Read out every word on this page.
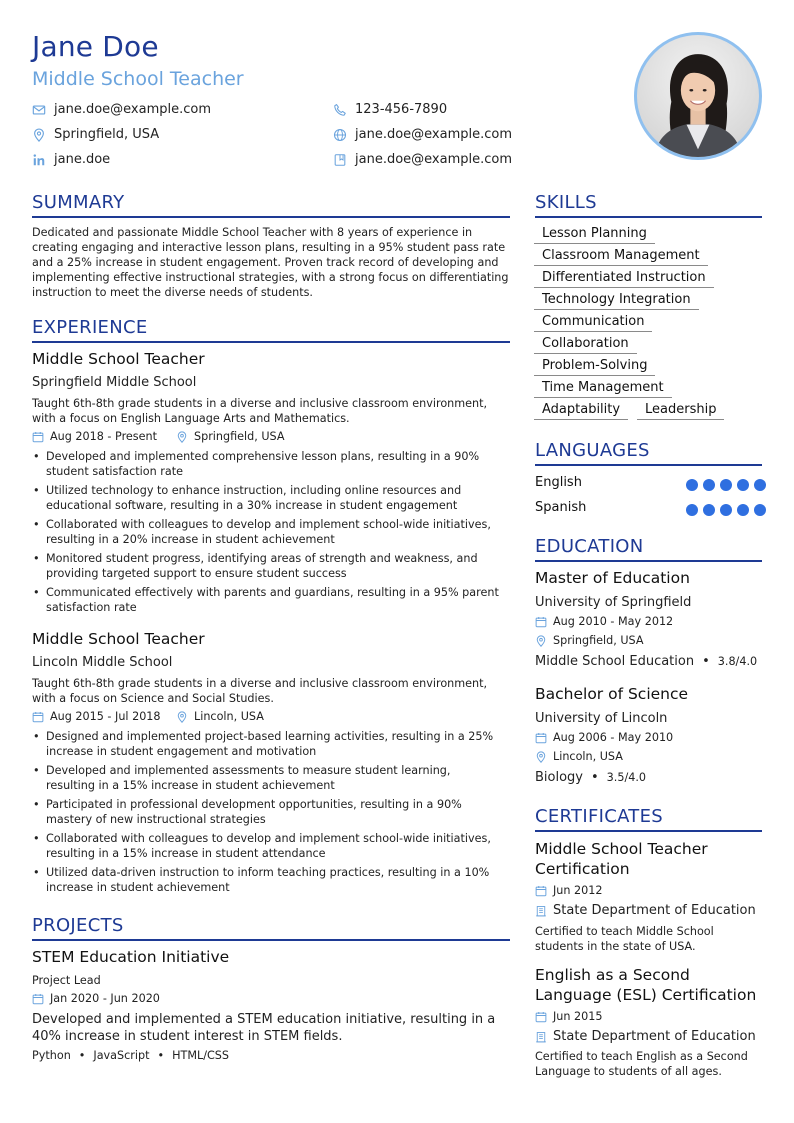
Jane Doe
Middle School Teacher
jane.doe@example.com	123-456-7890
Springfield, USA	jane.doe@example.com
jane.doe	jane.doe@example.com
SUMMARY
Dedicated and passionate Middle School Teacher with 8 years of experience in creating engaging and interactive lesson plans, resulting in a 95% student pass rate and a 25% increase in student engagement. Proven track record of developing and implementing effective instructional strategies, with a strong focus on differentiating instruction to meet the diverse needs of students.
EXPERIENCE
Middle School Teacher
Springfield Middle School
Taught 6th-8th grade students in a diverse and inclusive classroom environment, with a focus on English Language Arts and Mathematics.
Aug 2018 - Present	Springfield, USA
• Developed and implemented comprehensive lesson plans, resulting in a 90% student satisfaction rate
• Utilized technology to enhance instruction, including online resources and educational software, resulting in a 30% increase in student engagement
• Collaborated with colleagues to develop and implement school-wide initiatives, resulting in a 20% increase in student achievement
• Monitored student progress, identifying areas of strength and weakness, and providing targeted support to ensure student success
• Communicated effectively with parents and guardians, resulting in a 95% parent satisfaction rate
Middle School Teacher
Lincoln Middle School
Taught 6th-8th grade students in a diverse and inclusive classroom environment, with a focus on Science and Social Studies.
Aug 2015 - Jul 2018	Lincoln, USA
• Designed and implemented project-based learning activities, resulting in a 25% increase in student engagement and motivation
• Developed and implemented assessments to measure student learning, resulting in a 15% increase in student achievement
• Participated in professional development opportunities, resulting in a 90% mastery of new instructional strategies
• Collaborated with colleagues to develop and implement school-wide initiatives, resulting in a 15% increase in student attendance
• Utilized data-driven instruction to inform teaching practices, resulting in a 10% increase in student achievement
PROJECTS
STEM Education Initiative
Project Lead
Jan 2020 - Jun 2020
Developed and implemented a STEM education initiative, resulting in a 40% increase in student interest in STEM fields.
Python • JavaScript • HTML/CSS
SKILLS
Lesson Planning
Classroom Management
Differentiated Instruction
Technology Integration
Communication
Collaboration
Problem-Solving
Time Management
Adaptability	Leadership
LANGUAGES
English
Spanish
EDUCATION
Master of Education
University of Springfield
Aug 2010 - May 2012
Springfield, USA
Middle School Education • 3.8/4.0
Bachelor of Science
University of Lincoln
Aug 2006 - May 2010
Lincoln, USA
Biology • 3.5/4.0
CERTIFICATES
Middle School Teacher Certification
Jun 2012
State Department of Education
Certified to teach Middle School students in the state of USA.
English as a Second Language (ESL) Certification
Jun 2015
State Department of Education
Certified to teach English as a Second Language to students of all ages.
